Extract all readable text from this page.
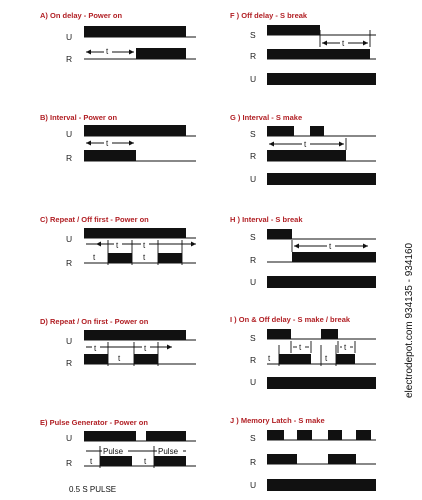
A) On delay - Power on
U
R
t
B) Interval - Power on
U
R
t
C) Repeat / Off first - Power on
U
R
t	t
t	t
D) Repeat / On first - Power on
U
R
t
t
t
E) Pulse Generator - Power on
U
R t
Pulse
t
Pulse
F ) Off delay - S break
S
R
U
t
G ) Interval - S make
S
R
U
t
H ) Interval - S break
S
R
U
t
I ) On & Off delay - S make / break
S
R
U
t
t
t
t
J ) Memory Latch - S make
S
R
U
0.5 S PULSE
electrodepot.com 934135 - 934160
